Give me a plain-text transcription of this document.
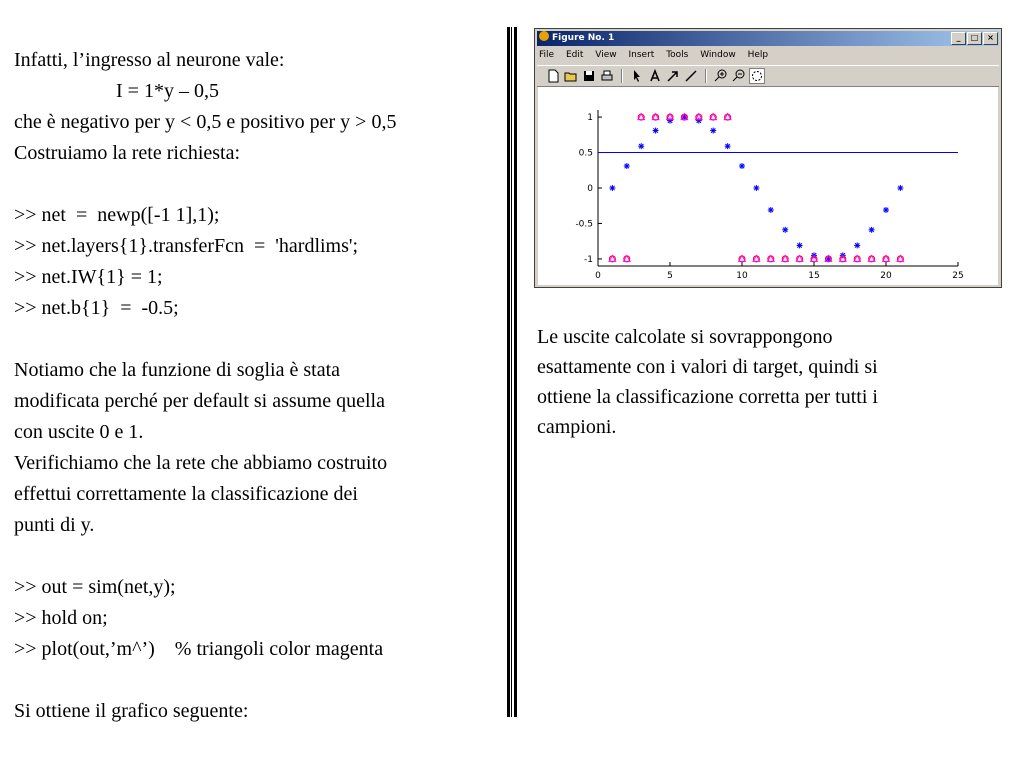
Infatti, l’ingresso al neurone vale:
I = 1*y – 0,5
che è negativo per y < 0,5 e positivo per y > 0,5
Costruiamo la rete richiesta:
>> net  =  newp([-1 1],1);
>> net.layers{1}.transferFcn  =  'hardlims';
>> net.IW{1} = 1;
>> net.b{1}  =  -0.5;
Notiamo che la funzione di soglia è stata
modificata perché per default si assume quella
con uscite 0 e 1.
Verifichiamo che la rete che abbiamo costruito
effettui correttamente la classificazione dei
punti di y.
>> out = sim(net,y);
>> hold on;
>> plot(out,’m^’)    % triangoli color magenta
Si ottiene il grafico seguente:
Figure No. 1	_ □ ×
File Edit View Insert Tools Window Help
0	5	10	15	20	25
-1
-0.5
0
0.5
1
Le uscite calcolate si sovrappongono
esattamente con i valori di target, quindi si
ottiene la classificazione corretta per tutti i
campioni.
